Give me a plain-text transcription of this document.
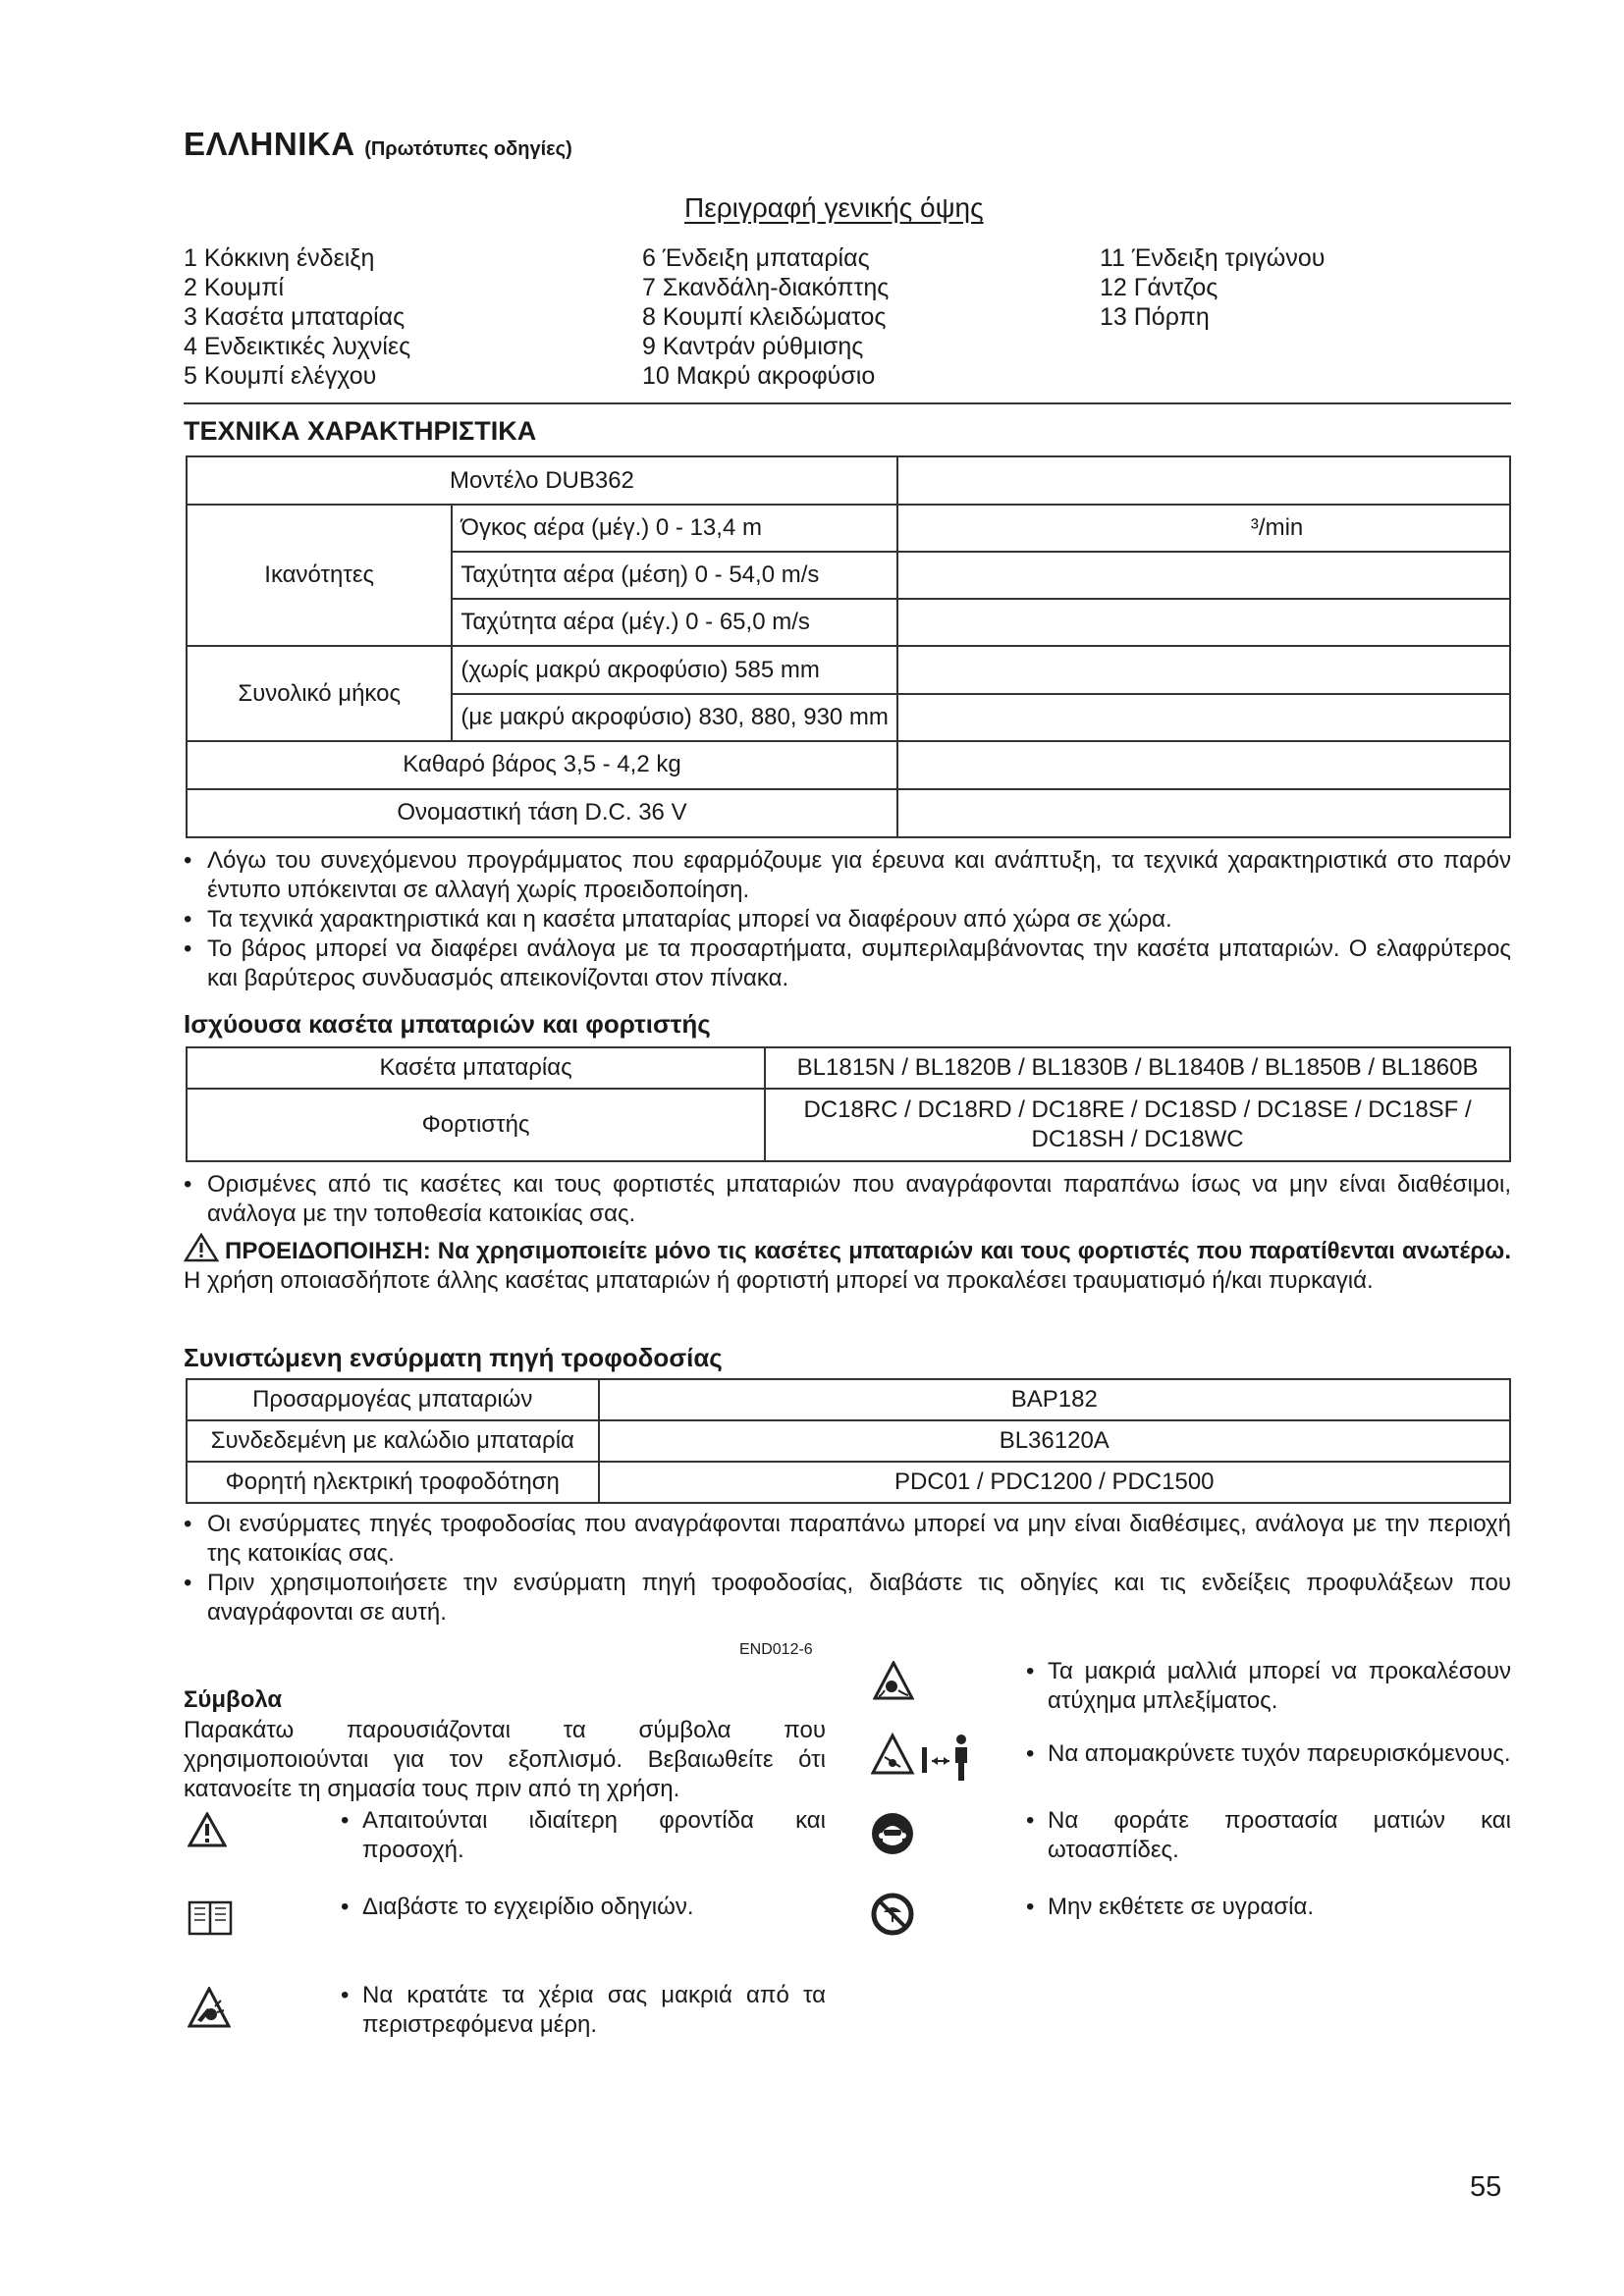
ΕΛΛΗΝΙΚΑ (Πρωτότυπες οδηγίες)
Περιγραφή γενικής όψης
1 Κόκκινη ένδειξη
2 Κουμπί
3 Κασέτα μπαταρίας
4 Ενδεικτικές λυχνίες
5 Κουμπί ελέγχου
6 Ένδειξη μπαταρίας
7 Σκανδάλη-διακόπτης
8 Κουμπί κλειδώματος
9 Καντράν ρύθμισης
10 Μακρύ ακροφύσιο
11 Ένδειξη τριγώνου
12 Γάντζος
13 Πόρπη
ΤΕΧΝΙΚΑ ΧΑΡΑΚΤΗΡΙΣΤΙΚΑ
Μοντέλο DUB362		
Ικανότητες	Όγκος αέρα (μέγ.) 0 - 13,4 m	³/min
	Ταχύτητα αέρα (μέση) 0 - 54,0 m/s	
	Ταχύτητα αέρα (μέγ.) 0 - 65,0 m/s	
Συνολικό μήκος	(χωρίς μακρύ ακροφύσιο) 585 mm	
	(με μακρύ ακροφύσιο) 830, 880, 930 mm	
Καθαρό βάρος 3,5 - 4,2 kg		
Ονομαστική τάση D.C. 36 V		
• Λόγω του συνεχόμενου προγράμματος που εφαρμόζουμε για έρευνα και ανάπτυξη, τα τεχνικά χαρακτηριστικά στο παρόν έντυπο υπόκεινται σε αλλαγή χωρίς προειδοποίηση.
• Τα τεχνικά χαρακτηριστικά και η κασέτα μπαταρίας μπορεί να διαφέρουν από χώρα σε χώρα.
• Το βάρος μπορεί να διαφέρει ανάλογα με τα προσαρτήματα, συμπεριλαμβάνοντας την κασέτα μπαταριών. Ο ελαφρύτερος και βαρύτερος συνδυασμός απεικονίζονται στον πίνακα.
Ισχύουσα κασέτα μπαταριών και φορτιστής
Κασέτα μπαταρίας	BL1815N / BL1820B / BL1830B / BL1840B / BL1850B / BL1860B
Φορτιστής	DC18RC / DC18RD / DC18RE / DC18SD / DC18SE / DC18SF /
DC18SH / DC18WC
• Ορισμένες από τις κασέτες και τους φορτιστές μπαταριών που αναγράφονται παραπάνω ίσως να μην είναι διαθέσιμοι, ανάλογα με την τοποθεσία κατοικίας σας.
ΠΡΟΕΙΔΟΠΟΙΗΣΗ: Να χρησιμοποιείτε μόνο τις κασέτες μπαταριών και τους φορτιστές που παρατίθενται ανωτέρω. Η χρήση οποιασδήποτε άλλης κασέτας μπαταριών ή φορτιστή μπορεί να προκαλέσει τραυματισμό ή/και πυρκαγιά.
Συνιστώμενη ενσύρματη πηγή τροφοδοσίας
Προσαρμογέας μπαταριών	BAP182
Συνδεδεμένη με καλώδιο μπαταρία	BL36120A
Φορητή ηλεκτρική τροφοδότηση	PDC01 / PDC1200 / PDC1500
• Οι ενσύρματες πηγές τροφοδοσίας που αναγράφονται παραπάνω μπορεί να μην είναι διαθέσιμες, ανάλογα με την περιοχή της κατοικίας σας.
• Πριν χρησιμοποιήσετε την ενσύρματη πηγή τροφοδοσίας, διαβάστε τις οδηγίες και τις ενδείξεις προφυλάξεων που αναγράφονται σε αυτή.
END012-6
Σύμβολα
Παρακάτω παρουσιάζονται τα σύμβολα που χρησιμοποιούνται για τον εξοπλισμό. Βεβαιωθείτε ότι κατανοείτε τη σημασία τους πριν από τη χρήση.
• Απαιτούνται ιδιαίτερη φροντίδα και προσοχή.
• Διαβάστε το εγχειρίδιο οδηγιών.
• Να κρατάτε τα χέρια σας μακριά από τα περιστρεφόμενα μέρη.
• Τα μακριά μαλλιά μπορεί να προκαλέσουν ατύχημα μπλεξίματος.
• Να απομακρύνετε τυχόν παρευρισκόμενους.
• Να φοράτε προστασία ματιών και ωτοασπίδες.
• Μην εκθέτετε σε υγρασία.
55
